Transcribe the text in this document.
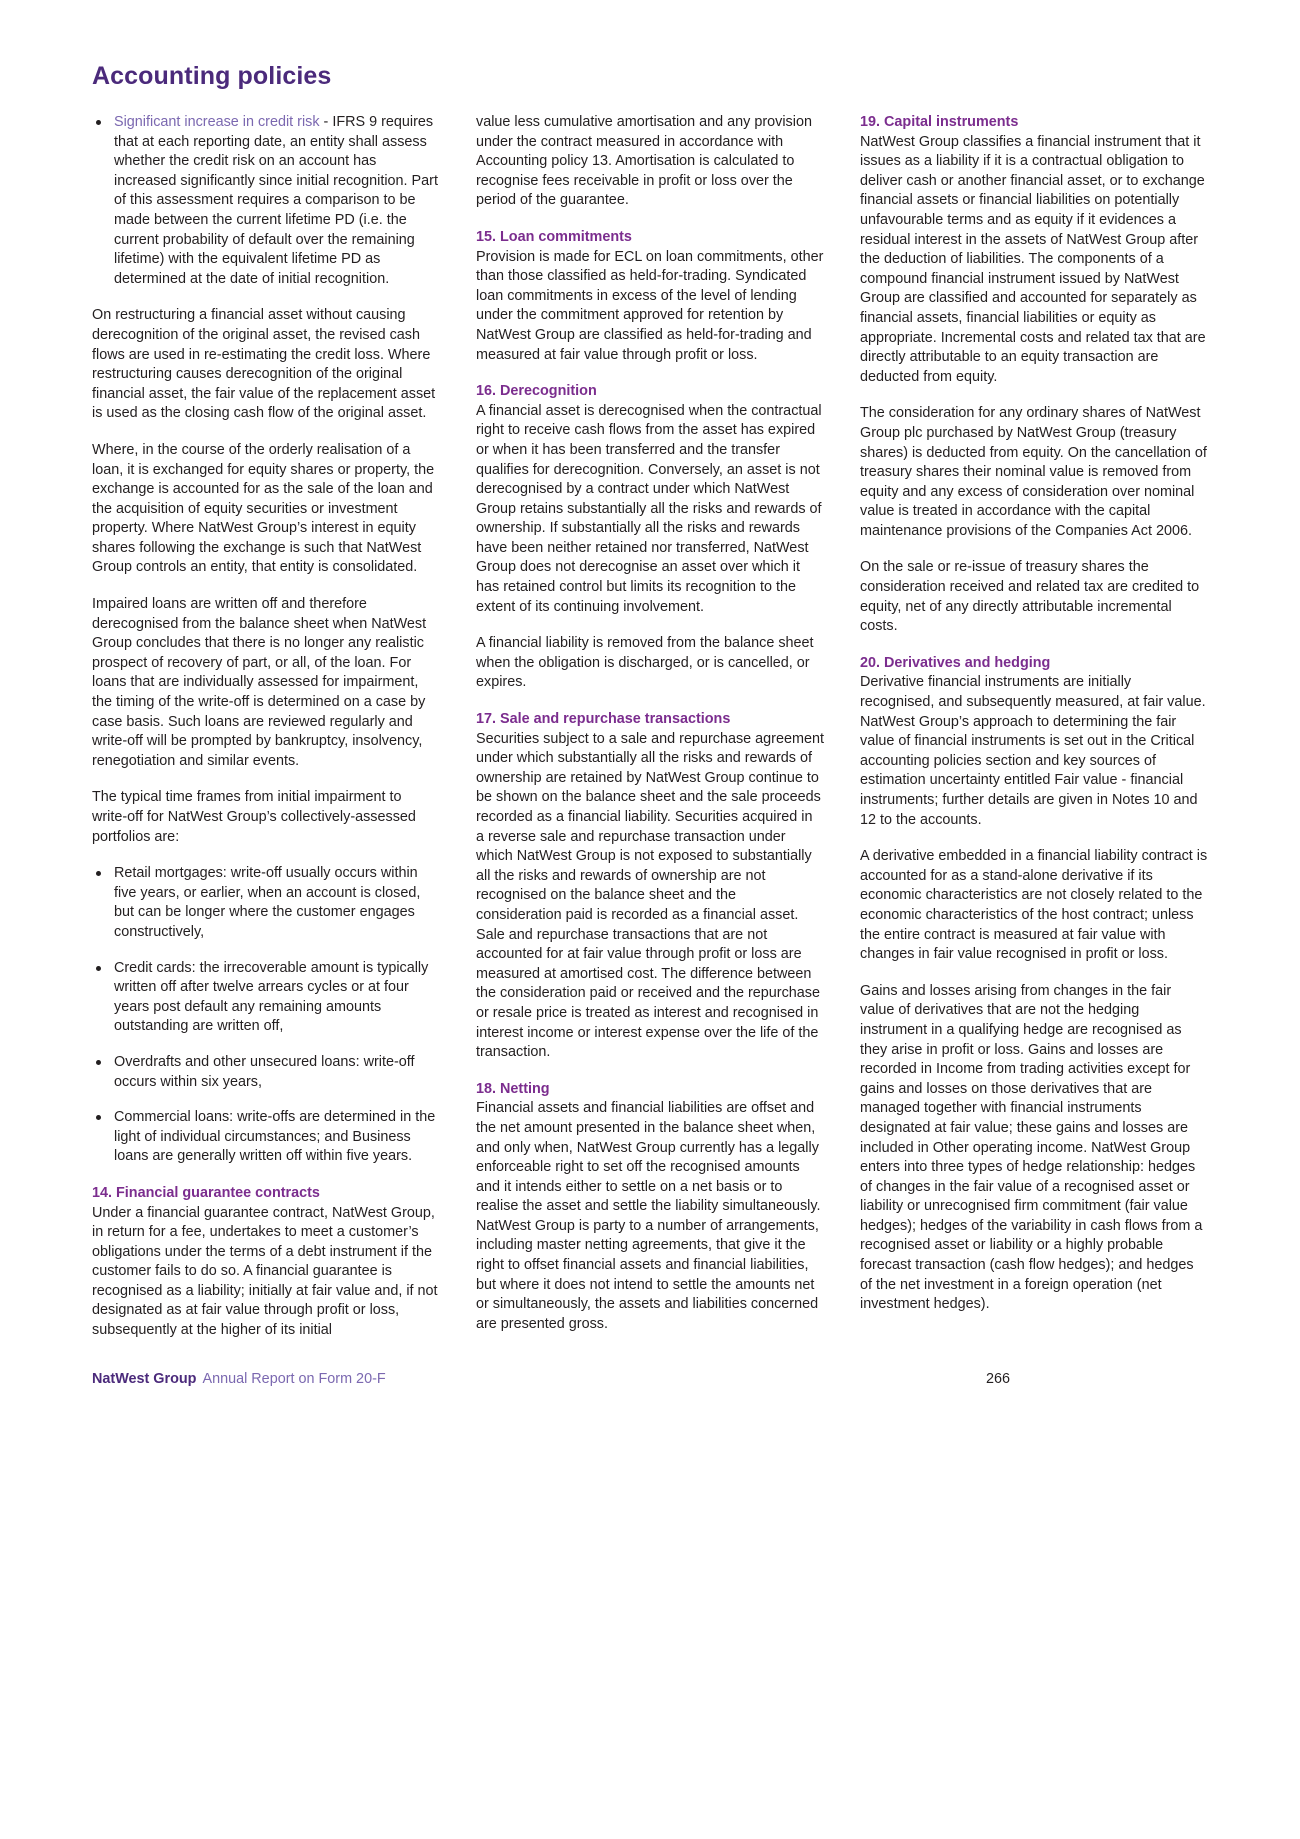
Accounting policies
Significant increase in credit risk - IFRS 9 requires that at each reporting date, an entity shall assess whether the credit risk on an account has increased significantly since initial recognition. Part of this assessment requires a comparison to be made between the current lifetime PD (i.e. the current probability of default over the remaining lifetime) with the equivalent lifetime PD as determined at the date of initial recognition.

On restructuring a financial asset without causing derecognition of the original asset, the revised cash flows are used in re-estimating the credit loss. Where restructuring causes derecognition of the original financial asset, the fair value of the replacement asset is used as the closing cash flow of the original asset.

Where, in the course of the orderly realisation of a loan, it is exchanged for equity shares or property, the exchange is accounted for as the sale of the loan and the acquisition of equity securities or investment property. Where NatWest Group’s interest in equity shares following the exchange is such that NatWest Group controls an entity, that entity is consolidated.

Impaired loans are written off and therefore derecognised from the balance sheet when NatWest Group concludes that there is no longer any realistic prospect of recovery of part, or all, of the loan. For loans that are individually assessed for impairment, the timing of the write-off is determined on a case by case basis. Such loans are reviewed regularly and write-off will be prompted by bankruptcy, insolvency, renegotiation and similar events.

The typical time frames from initial impairment to write-off for NatWest Group’s collectively-assessed portfolios are:

Retail mortgages: write-off usually occurs within five years, or earlier, when an account is closed, but can be longer where the customer engages constructively,
Credit cards: the irrecoverable amount is typically written off after twelve arrears cycles or at four years post default any remaining amounts outstanding are written off,
Overdrafts and other unsecured loans: write-off occurs within six years,
Commercial loans: write-offs are determined in the light of individual circumstances; and Business loans are generally written off within five years.

14. Financial guarantee contracts

Under a financial guarantee contract, NatWest Group, in return for a fee, undertakes to meet a customer’s obligations under the terms of a debt instrument if the customer fails to do so. A financial guarantee is recognised as a liability; initially at fair value and, if not designated as at fair value through profit or loss, subsequently at the higher of its initial

value less cumulative amortisation and any provision under the contract measured in accordance with Accounting policy 13. Amortisation is calculated to recognise fees receivable in profit or loss over the period of the guarantee.

15. Loan commitments

Provision is made for ECL on loan commitments, other than those classified as held-for-trading. Syndicated loan commitments in excess of the level of lending under the commitment approved for retention by NatWest Group are classified as held-for-trading and measured at fair value through profit or loss.

16. Derecognition

A financial asset is derecognised when the contractual right to receive cash flows from the asset has expired or when it has been transferred and the transfer qualifies for derecognition. Conversely, an asset is not derecognised by a contract under which NatWest Group retains substantially all the risks and rewards of ownership. If substantially all the risks and rewards have been neither retained nor transferred, NatWest Group does not derecognise an asset over which it has retained control but limits its recognition to the extent of its continuing involvement.

A financial liability is removed from the balance sheet when the obligation is discharged, or is cancelled, or expires.

17. Sale and repurchase transactions

Securities subject to a sale and repurchase agreement under which substantially all the risks and rewards of ownership are retained by NatWest Group continue to be shown on the balance sheet and the sale proceeds recorded as a financial liability. Securities acquired in a reverse sale and repurchase transaction under which NatWest Group is not exposed to substantially all the risks and rewards of ownership are not recognised on the balance sheet and the consideration paid is recorded as a financial asset. Sale and repurchase transactions that are not accounted for at fair value through profit or loss are measured at amortised cost. The difference between the consideration paid or received and the repurchase or resale price is treated as interest and recognised in interest income or interest expense over the life of the transaction.

18. Netting

Financial assets and financial liabilities are offset and the net amount presented in the balance sheet when, and only when, NatWest Group currently has a legally enforceable right to set off the recognised amounts and it intends either to settle on a net basis or to realise the asset and settle the liability simultaneously. NatWest Group is party to a number of arrangements, including master netting agreements, that give it the right to offset financial assets and financial liabilities, but where it does not intend to settle the amounts net or simultaneously, the assets and liabilities concerned are presented gross.

19. Capital instruments

NatWest Group classifies a financial instrument that it issues as a liability if it is a contractual obligation to deliver cash or another financial asset, or to exchange financial assets or financial liabilities on potentially unfavourable terms and as equity if it evidences a residual interest in the assets of NatWest Group after the deduction of liabilities. The components of a compound financial instrument issued by NatWest Group are classified and accounted for separately as financial assets, financial liabilities or equity as appropriate. Incremental costs and related tax that are directly attributable to an equity transaction are deducted from equity.

The consideration for any ordinary shares of NatWest Group plc purchased by NatWest Group (treasury shares) is deducted from equity. On the cancellation of treasury shares their nominal value is removed from equity and any excess of consideration over nominal value is treated in accordance with the capital maintenance provisions of the Companies Act 2006.

On the sale or re-issue of treasury shares the consideration received and related tax are credited to equity, net of any directly attributable incremental costs.

20. Derivatives and hedging

Derivative financial instruments are initially recognised, and subsequently measured, at fair value. NatWest Group’s approach to determining the fair value of financial instruments is set out in the Critical accounting policies section and key sources of estimation uncertainty entitled Fair value - financial instruments; further details are given in Notes 10 and 12 to the accounts.

A derivative embedded in a financial liability contract is accounted for as a stand-alone derivative if its economic characteristics are not closely related to the economic characteristics of the host contract; unless the entire contract is measured at fair value with changes in fair value recognised in profit or loss.

Gains and losses arising from changes in the fair value of derivatives that are not the hedging instrument in a qualifying hedge are recognised as they arise in profit or loss. Gains and losses are recorded in Income from trading activities except for gains and losses on those derivatives that are managed together with financial instruments designated at fair value; these gains and losses are included in Other operating income. NatWest Group enters into three types of hedge relationship: hedges of changes in the fair value of a recognised asset or liability or unrecognised firm commitment (fair value hedges); hedges of the variability in cash flows from a recognised asset or liability or a highly probable forecast transaction (cash flow hedges); and hedges of the net investment in a foreign operation (net investment hedges).

NatWest Group Annual Report on Form 20-F	266
